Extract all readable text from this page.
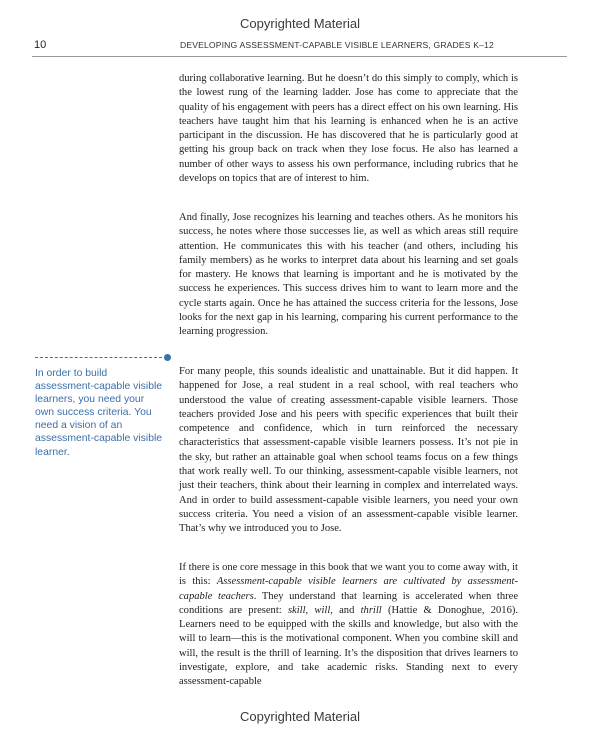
Copyrighted Material
10	DEVELOPING ASSESSMENT-CAPABLE VISIBLE LEARNERS, GRADES K–12
In order to build assessment-capable visible learners, you need your own success criteria. You need a vision of an assessment-capable visible learner.

during collaborative learning. But he doesn’t do this simply to comply, which is the lowest rung of the learning ladder. Jose has come to appreciate that the quality of his engagement with peers has a direct effect on his own learning. His teachers have taught him that his learning is enhanced when he is an active participant in the discussion. He has discovered that he is particularly good at getting his group back on track when they lose focus. He also has learned a number of other ways to assess his own performance, including rubrics that he develops on topics that are of interest to him.

And finally, Jose recognizes his learning and teaches others. As he monitors his success, he notes where those successes lie, as well as which areas still require attention. He communicates this with his teacher (and others, including his family members) as he works to interpret data about his learning and set goals for mastery. He knows that learning is important and he is motivated by the success he experiences. This success drives him to want to learn more and the cycle starts again. Once he has attained the success criteria for the lessons, Jose looks for the next gap in his learning, comparing his current performance to the learning progression.

For many people, this sounds idealistic and unattainable. But it did happen. It happened for Jose, a real student in a real school, with real teachers who understood the value of creating assessment-capable visible learners. Those teachers provided Jose and his peers with specific experiences that built their competence and confidence, which in turn reinforced the necessary characteristics that assessment-capable visible learners possess. It’s not pie in the sky, but rather an attainable goal when school teams focus on a few things that work really well. To our thinking, assessment-capable visible learners, not just their teachers, think about their learning in complex and interrelated ways. And in order to build assessment-capable visible learners, you need your own success criteria. You need a vision of an assessment-capable visible learner. That’s why we introduced you to Jose.

If there is one core message in this book that we want you to come away with, it is this: Assessment-capable visible learners are cultivated by assessment-capable teachers. They understand that learning is accelerated when three conditions are present: skill, will, and thrill (Hattie & Donoghue, 2016). Learners need to be equipped with the skills and knowledge, but also with the will to learn—this is the motivational component. When you combine skill and will, the result is the thrill of learning. It’s the disposition that drives learners to investigate, explore, and take academic risks. Standing next to every assessment-capable

Copyrighted Material
